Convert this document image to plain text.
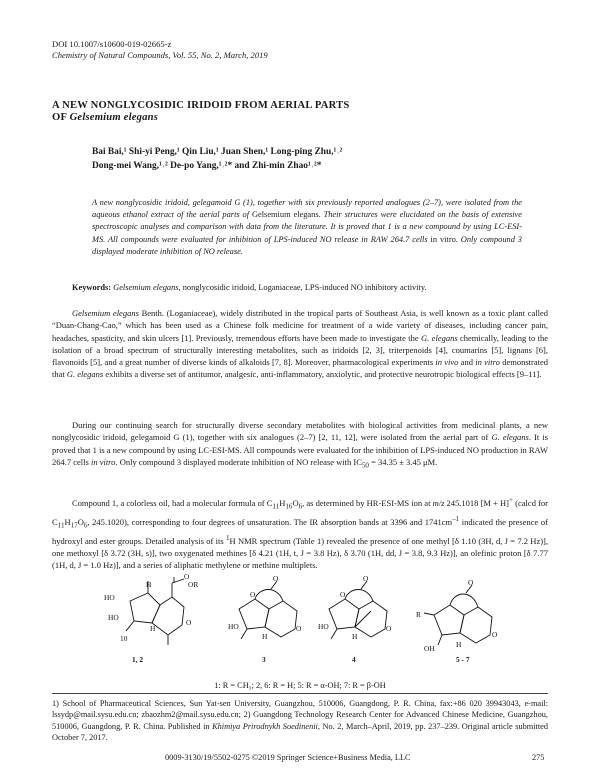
DOI 10.1007/s10600-019-02665-z
Chemistry of Natural Compounds, Vol. 55, No. 2, March, 2019
A NEW NONGLYCOSIDIC IRIDOID FROM AERIAL PARTS
OF Gelsemium elegans
Bai Bai,¹ Shi-yi Peng,¹ Qin Liu,¹ Juan Shen,¹ Long-ping Zhu,¹˒²
Dong-mei Wang,¹˒² De-po Yang,¹˒²* and Zhi-min Zhao¹˒²*
A new nonglycosidic iridoid, gelegamoid G (1), together with six previously reported analogues (2–7), were isolated from the aqueous ethanol extract of the aerial parts of Gelsemium elegans. Their structures were elucidated on the basis of extensive spectroscopic analyses and comparison with data from the literature. It is proved that 1 is a new compound by using LC-ESI-MS. All compounds were evaluated for inhibition of LPS-induced NO release in RAW 264.7 cells in vitro. Only compound 3 displayed moderate inhibition of NO release.
Keywords: Gelsemium elegans, nonglycosidic iridoid, Loganiaceae, LPS-induced NO inhibitory activity.
Gelsemium elegans Benth. (Loganiaceae), widely distributed in the tropical parts of Southeast Asia, is well known as a toxic plant called “Duan-Chang-Cao,” which has been used as a Chinese folk medicine for treatment of a wide variety of diseases, including cancer pain, headaches, spasticity, and skin ulcers [1]. Previously, tremendous efforts have been made to investigate the G. elegans chemically, leading to the isolation of a broad spectrum of structurally interesting metabolites, such as iridoids [2, 3], triterpenoids [4], coumarins [5], lignans [6], flavonoids [5], and a great number of diverse kinds of alkaloids [7, 8]. Moreover, pharmacological experiments in vivo and in vitro demonstrated that G. elegans exhibits a diverse set of antitumor, analgesic, anti-inflammatory, anxiolytic, and protective neurotropic biological effects [9–11].
During our continuing search for structurally diverse secondary metabolites with biological activities from medicinal plants, a new nonglycosidic iridoid, gelegamoid G (1), together with six analogues (2–7) [2, 11, 12], were isolated from the aerial part of G. elegans. It is proved that 1 is a new compound by using LC-ESI-MS. All compounds were evaluated for the inhibition of LPS-induced NO production in RAW 264.7 cells in vitro. Only compound 3 displayed moderate inhibition of NO release with $IC_{50} = 34.35 \pm 3.45$ μM.
Compound 1, a colorless oil, had a molecular formula of $C_{11}H_{16}O_6$, as determined by HR-ESI-MS ion at m/z 245.1018 [M + H]+ (calcd for $C_{11}H_{17}O_6$, 245.1020), corresponding to four degrees of unsaturation. The IR absorption bands at 3396 and $1741cm^{-1}$ indicated the presence of hydroxyl and ester groups. Detailed analysis of its $^1$H NMR spectrum (Table 1) revealed the presence of one methyl [δ 1.10 (3H, d, J = 7.2 Hz)], one methoxyl [δ 3.72 (3H, s)], two oxygenated methines [δ 4.21 (1H, t, J = 3.8 Hz), δ 3.70 (1H, dd, J = 3.8, 9.3 Hz)], an olefinic proton [δ 7.77 (1H, d, J = 1.0 Hz)], and a series of aliphatic methylene or methine multiplets.
HO
HO
O
OR
H
H
O
10
HO
O
O
O
H
HO
O
O
O
H
R
OH
O
O
H
1, 2	3	4	5 - 7
1: R = CH₃; 2, 6: R = H; 5: R = α-OH; 7: R = β-OH
1) School of Pharmaceutical Sciences, Sun Yat-sen University, Guangzhou, 510006, Guangdong, P. R. China, fax:+86 020 39943043, e-mail: lssydp@mail.sysu.edu.cn; zhaozhm2@mail.sysu.edu.cn; 2) Guangdong Technology Research Center for Advanced Chinese Medicine, Guangzhou, 510006, Guangdong, P. R. China. Published in Khimiya Prirodnykh Soedinenii, No. 2, March–April, 2019, pp. 237–239. Original article submitted October 7, 2017.
0009-3130/19/5502-0275 ©2019 Springer Science+Business Media, LLC	275
